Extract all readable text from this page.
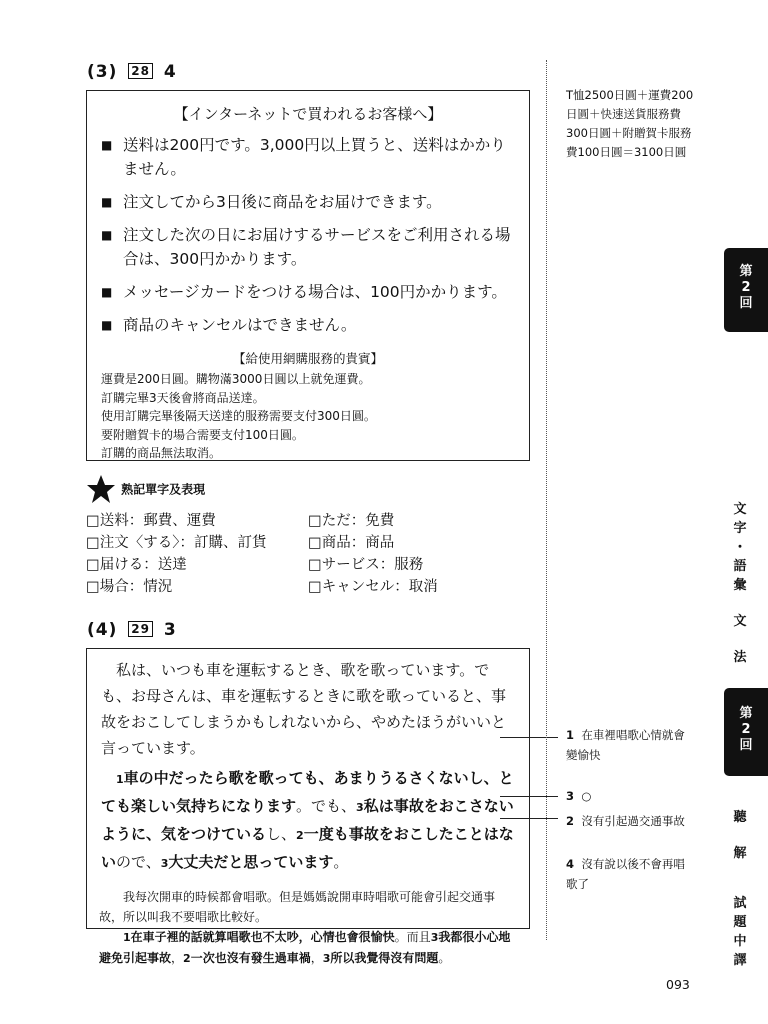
(3) 28 4
【インターネットで買われるお客様へ】
■ 送料は200円です。3,000円以上買うと、送料はかかりません。
■ 注文してから3日後に商品をお届けできます。
■ 注文した次の日にお届けするサービスをご利用される場合は、300円かかります。
■ メッセージカードをつける場合は、100円かかります。
■ 商品のキャンセルはできません。
【給使用網購服務的貴賓】
運費是200日圓。購物滿3000日圓以上就免運費。
訂購完畢3天後會將商品送達。
使用訂購完畢後隔天送達的服務需要支付300日圓。
要附贈賀卡的場合需要支付100日圓。
訂購的商品無法取消。
熟記單字及表現
□送料：郵費、運費
□注文〈する〉：訂購、訂貨
□届ける：送達
□場合：情況
□ただ：免費
□商品：商品
□サービス：服務
□キャンセル：取消
(4) 29 3

私は、いつも車を運転するとき、歌を歌っています。でも、お母さんは、車を運転するときに歌を歌っていると、事故をおこしてしまうかもしれないから、やめたほうがいいと言っています。

1車の中だったら歌を歌っても、あまりうるさくないし、とても楽しい気持ちになります。でも、3私は事故をおこさないように、気をつけているし、2一度も事故をおこしたことはないので、3大丈夫だと思っています。

我每次開車的時候都會唱歌。但是媽媽說開車時唱歌可能會引起交通事故，所以叫我不要唱歌比較好。
1在車子裡的話就算唱歌也不太吵，心情也會很愉快。而且3我都很小心地避免引起事故，2一次也沒有發生過車禍，3所以我覺得沒有問題。
T恤2500日圓＋運費200日圓＋快速送貨服務費300日圓＋附贈賀卡服務費100日圓＝3100日圓
1 在車裡唱歌心情就會變愉快
3 ○
2 沒有引起過交通事故
4 沒有說以後不會再唱歌了
第
2
回
文
字
・
語
彙
文
法
第
2
回
聽
解
試
題
中
譯
093
